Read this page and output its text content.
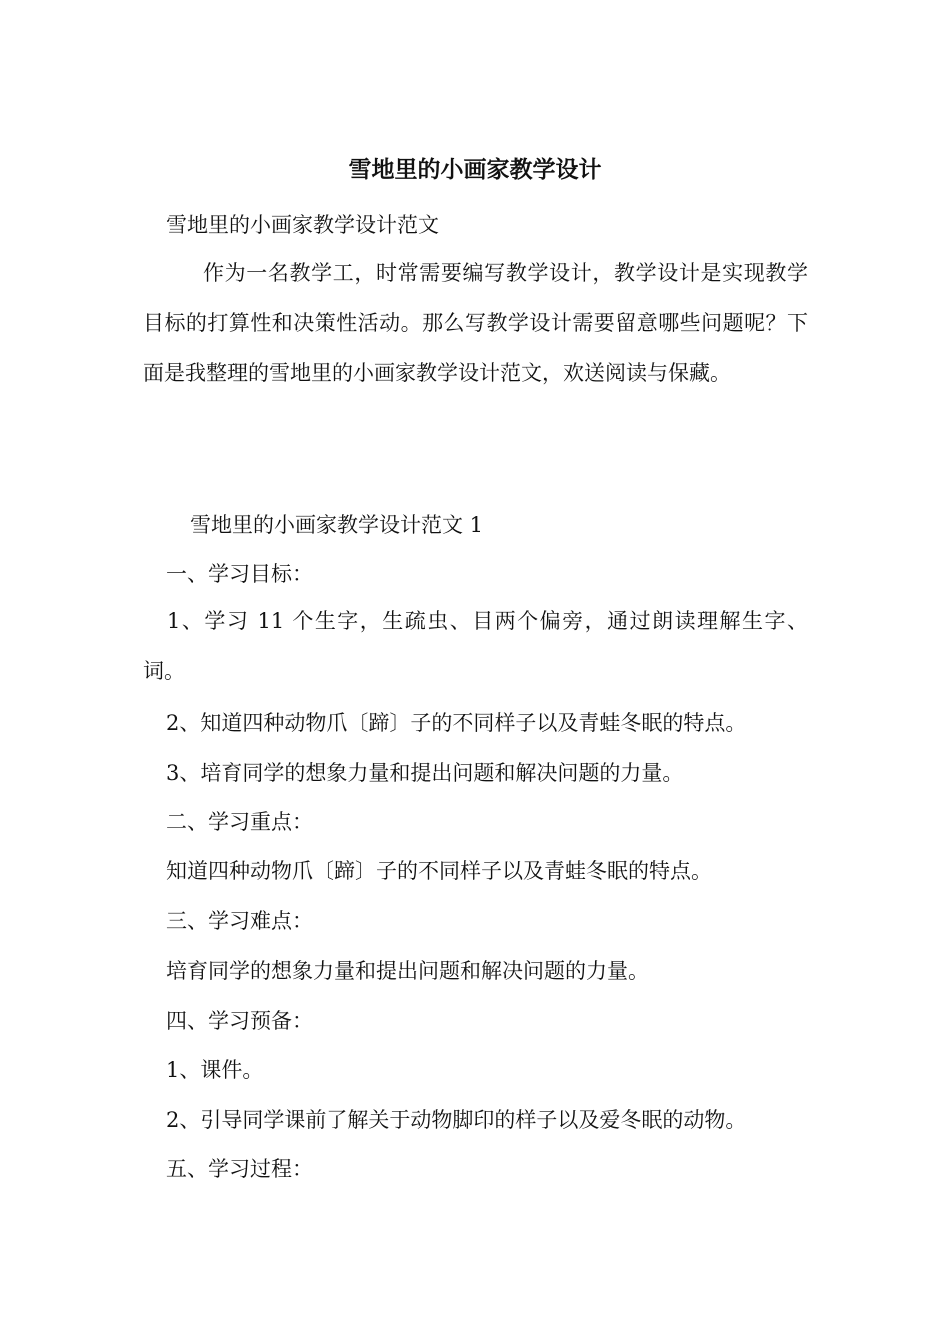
雪地里的小画家教学设计

雪地里的小画家教学设计范文

作为一名教学工，时常需要编写教学设计，教学设计是实现教学目标的打算性和决策性活动。那么写教学设计需要留意哪些问题呢？下面是我整理的雪地里的小画家教学设计范文，欢送阅读与保藏。

雪地里的小画家教学设计范文 1

一、学习目标：

1、学习 11 个生字，生疏虫、目两个偏旁，通过朗读理解生字、词。

2、知道四种动物爪〔蹄〕子的不同样子以及青蛙冬眠的特点。

3、培育同学的想象力量和提出问题和解决问题的力量。

二、学习重点：

知道四种动物爪〔蹄〕子的不同样子以及青蛙冬眠的特点。

三、学习难点：

培育同学的想象力量和提出问题和解决问题的力量。

四、学习预备：

1、课件。

2、引导同学课前了解关于动物脚印的样子以及爱冬眠的动物。

五、学习过程：
